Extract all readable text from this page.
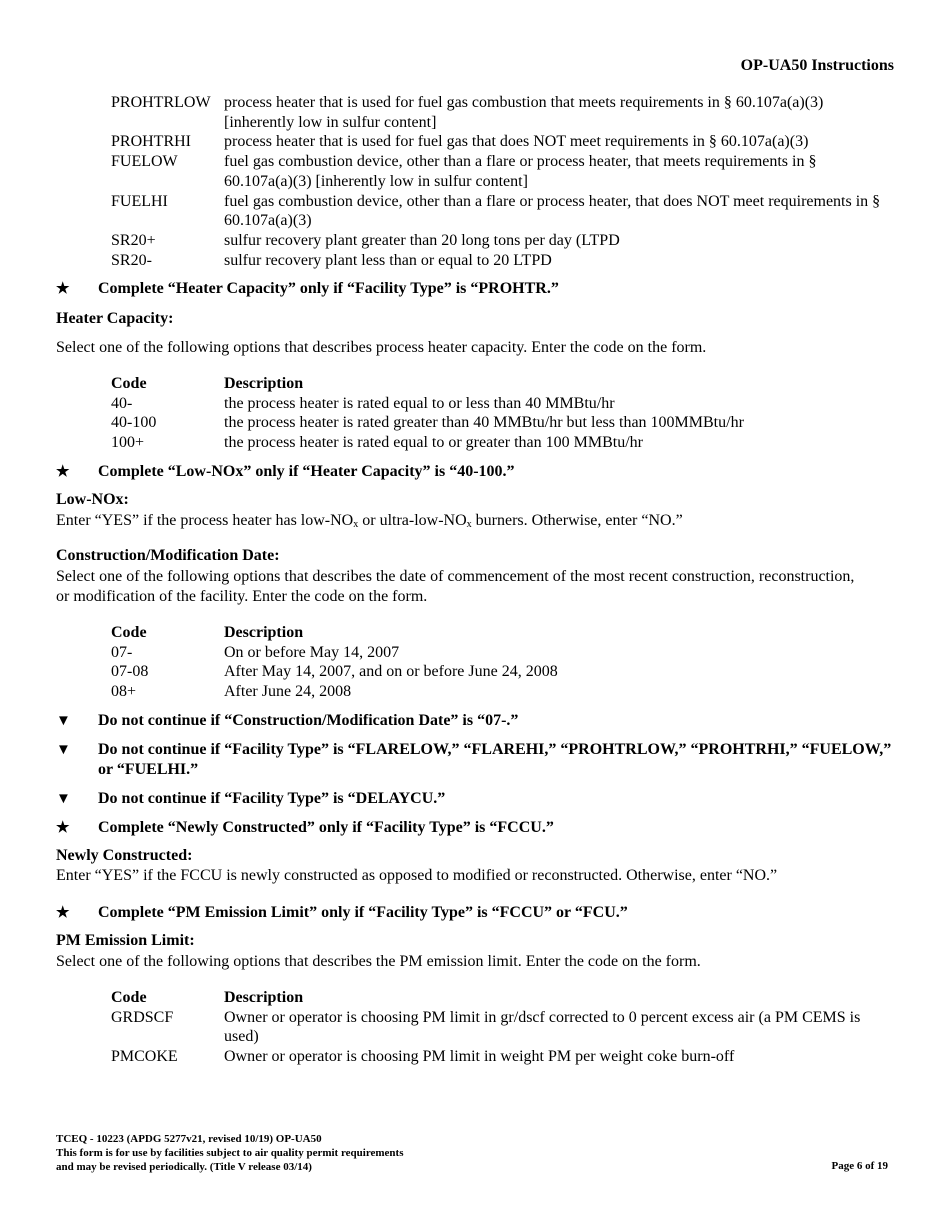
OP-UA50 Instructions
PROHTRLOW process heater that is used for fuel gas combustion that meets requirements in § 60.107a(a)(3) [inherently low in sulfur content]
PROHTRHI	process heater that is used for fuel gas that does NOT meet requirements in § 60.107a(a)(3)
FUELOW	fuel gas combustion device, other than a flare or process heater, that meets requirements in § 60.107a(a)(3) [inherently low in sulfur content]
FUELHI	fuel gas combustion device, other than a flare or process heater, that does NOT meet requirements in § 60.107a(a)(3)
SR20+	sulfur recovery plant greater than 20 long tons per day (LTPD
SR20-	sulfur recovery plant less than or equal to 20 LTPD
★	Complete “Heater Capacity” only if “Facility Type” is “PROHTR.”
Heater Capacity:
Select one of the following options that describes process heater capacity. Enter the code on the form.
Code	Description
40-	the process heater is rated equal to or less than 40 MMBtu/hr
40-100	the process heater is rated greater than 40 MMBtu/hr but less than 100MMBtu/hr
100+	the process heater is rated equal to or greater than 100 MMBtu/hr
★	Complete “Low-NOx” only if “Heater Capacity” is “40-100.”
Low-NOx:
Enter “YES” if the process heater has low-$NO_x$ or ultra-$low-NO_x$ burners. Otherwise, enter “NO.”
Construction/Modification Date:
Select one of the following options that describes the date of commencement of the most recent construction, reconstruction, or modification of the facility. Enter the code on the form.
Code	Description
07-	On or before May 14, 2007
07-08	After May 14, 2007, and on or before June 24, 2008
08+	After June 24, 2008
▼	Do not continue if “Construction/Modification Date” is “07-.”
▼	Do not continue if “Facility Type” is “FLARELOW,” “FLAREHI,” “PROHTRLOW,” “PROHTRHI,” “FUELOW,” or “FUELHI.”
▼	Do not continue if “Facility Type” is “DELAYCU.”
★	Complete “Newly Constructed” only if “Facility Type” is “FCCU.”
Newly Constructed:
Enter “YES” if the FCCU is newly constructed as opposed to modified or reconstructed. Otherwise, enter “NO.”
★	Complete “PM Emission Limit” only if “Facility Type” is “FCCU” or “FCU.”
PM Emission Limit:
Select one of the following options that describes the PM emission limit. Enter the code on the form.
Code	Description
GRDSCF	Owner or operator is choosing PM limit in gr/dscf corrected to 0 percent excess air (a PM CEMS is used)
PMCOKE	Owner or operator is choosing PM limit in weight PM per weight coke burn-off
TCEQ - 10223 (APDG 5277v21, revised 10/19) OP-UA50
This form is for use by facilities subject to air quality permit requirements
and may be revised periodically. (Title V release 03/14)	Page 6 of 19
